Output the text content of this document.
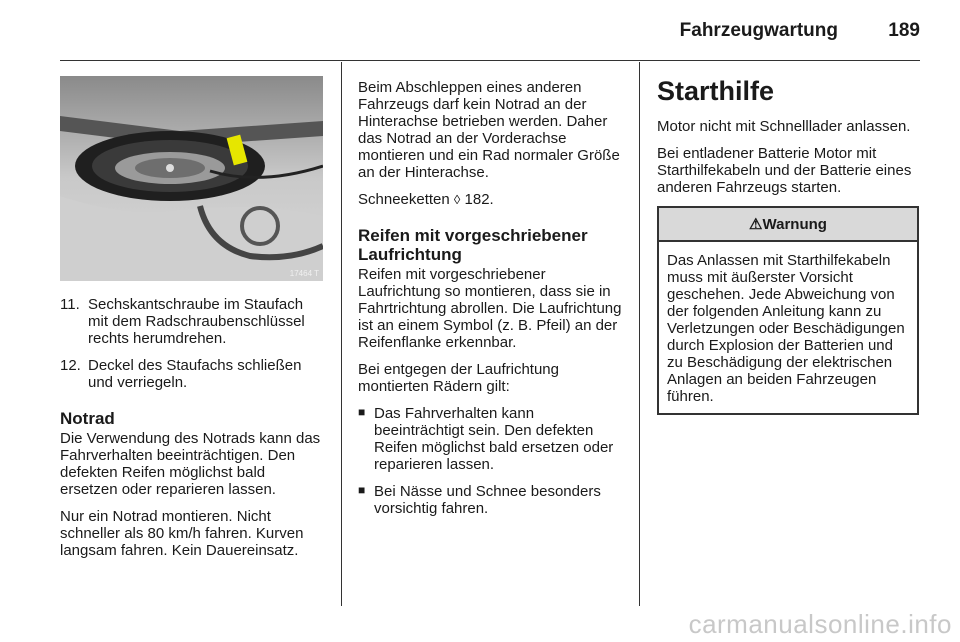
Fahrzeugwartung	189
17464 T
11. Sechskantschraube im Staufach mit dem Radschraubenschlüssel rechts herumdrehen.
12. Deckel des Staufachs schließen und verriegeln.
Notrad

Die Verwendung des Notrads kann das Fahrverhalten beeinträchtigen. Den defekten Reifen möglichst bald ersetzen oder reparieren lassen.

Nur ein Notrad montieren. Nicht schneller als 80 km/h fahren. Kurven langsam fahren. Kein Dauereinsatz.

Beim Abschleppen eines anderen Fahrzeugs darf kein Notrad an der Hinterachse betrieben werden. Daher das Notrad an der Vorderachse montieren und ein Rad normaler Größe an der Hinterachse.

Schneeketten ◊ 182.

Reifen mit vorgeschriebener Laufrichtung

Reifen mit vorgeschriebener Laufrichtung so montieren, dass sie in Fahrtrichtung abrollen. Die Laufrichtung ist an einem Symbol (z. B. Pfeil) an der Reifenflanke erkennbar.

Bei entgegen der Laufrichtung montierten Rädern gilt:

■ Das Fahrverhalten kann beeinträchtigt sein. Den defekten Reifen möglichst bald ersetzen oder reparieren lassen.
■ Bei Nässe und Schnee besonders vorsichtig fahren.
Starthilfe

Motor nicht mit Schnelllader anlassen.

Bei entladener Batterie Motor mit Starthilfekabeln und der Batterie eines anderen Fahrzeugs starten.

⚠Warnung
Das Anlassen mit Starthilfekabeln muss mit äußerster Vorsicht geschehen. Jede Abweichung von der folgenden Anleitung kann zu Verletzungen oder Beschädigungen durch Explosion der Batterien und zu Beschädigung der elektrischen Anlagen an beiden Fahrzeugen führen.
carmanualsonline.info
